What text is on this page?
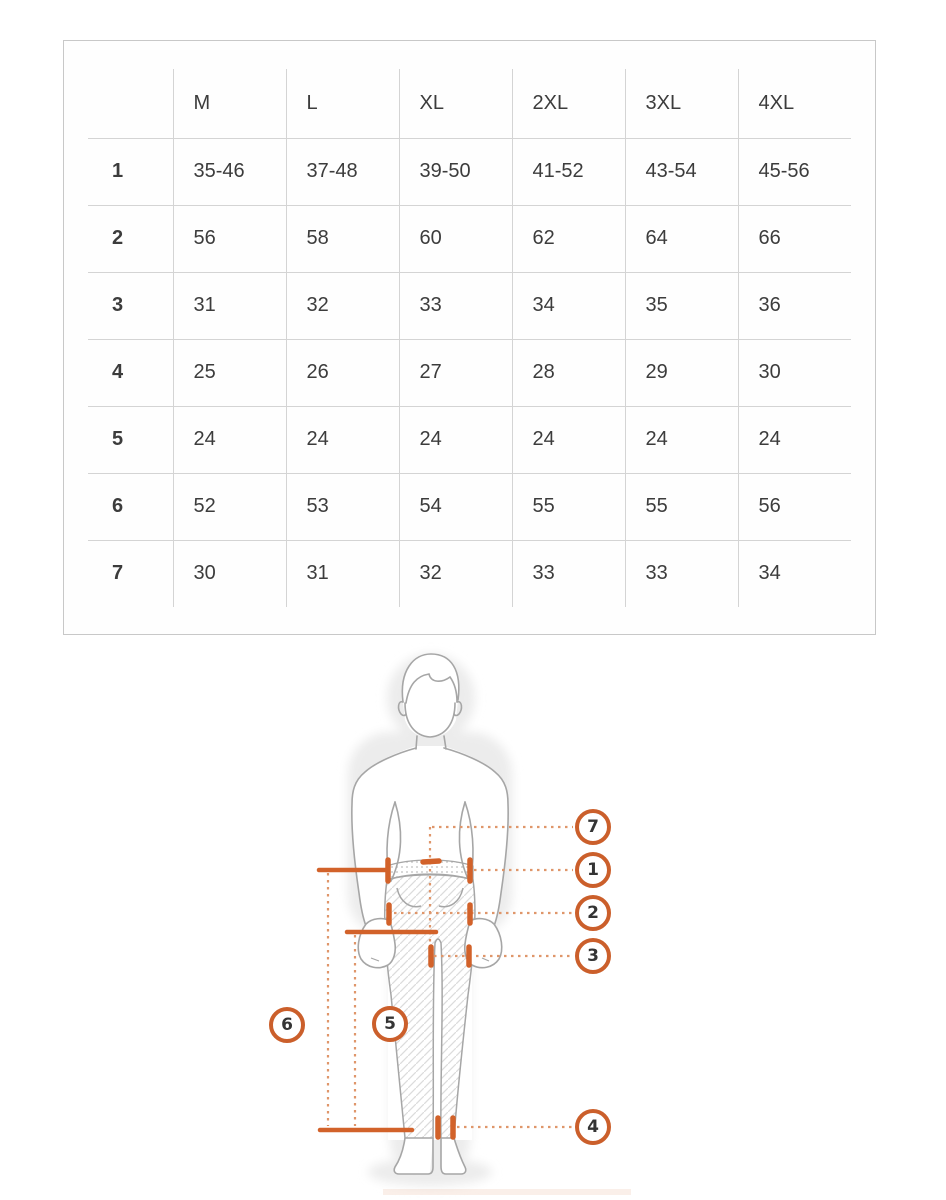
	M	L	XL	2XL	3XL	4XL
1	35-46	37-48	39-50	41-52	43-54	45-56
2	56	58	60	62	64	66
3	31	32	33	34	35	36
4	25	26	27	28	29	30
5	24	24	24	24	24	24
6	52	53	54	55	55	56
7	30	31	32	33	33	34
7
1
2
3
4
5
6
